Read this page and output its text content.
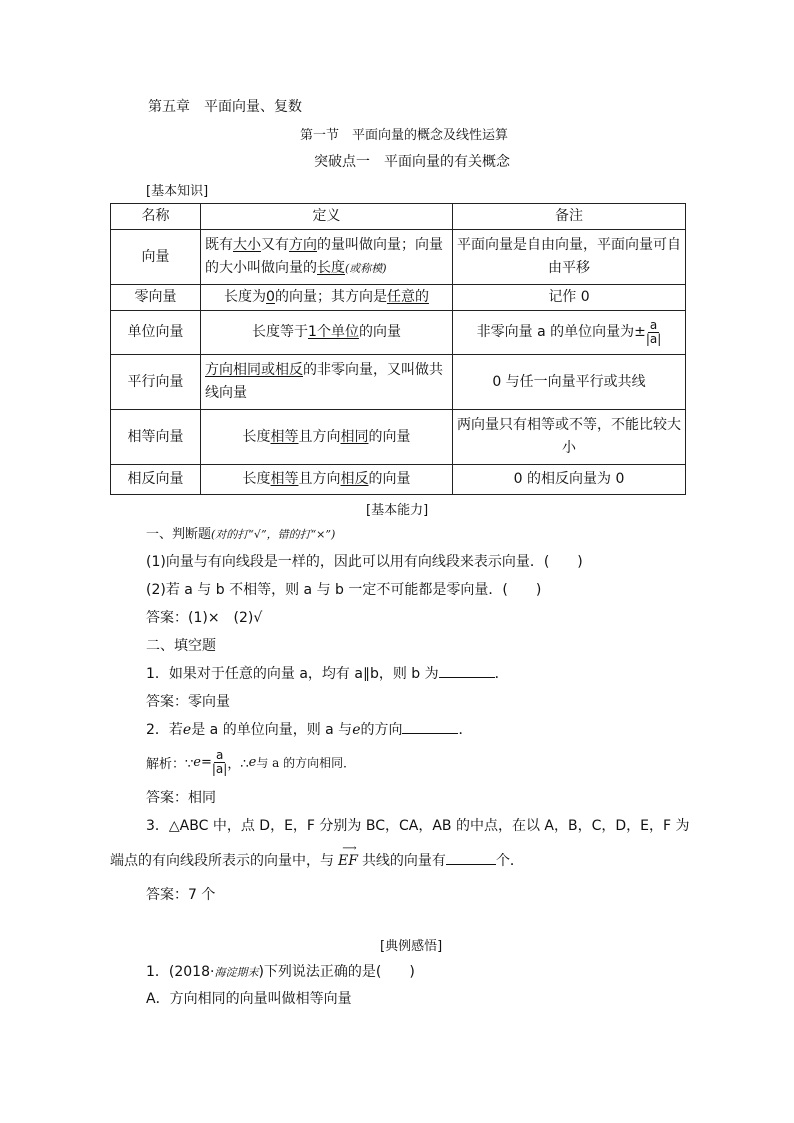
第五章　平面向量、复数
第一节　平面向量的概念及线性运算
突破点一　平面向量的有关概念
[基本知识]
名称	定义	备注
向量	既有大小又有方向的量叫做向量；向量的大小叫做向量的长度(或称模)	平面向量是自由向量，平面向量可自由平移
零向量	长度为0的向量；其方向是任意的	记作 0
单位向量	长度等于1个单位的向量	非零向量 a 的单位向量为± $\frac{a}{|a|}$

平行向量	方向相同或相反的非零向量，又叫做共线向量	0 与任一向量平行或共线
相等向量	长度相等且方向相同的向量	两向量只有相等或不等，不能比较大小
相反向量	长度相等且方向相反的向量	0 的相反向量为 0
[基本能力]
一、判断题(对的打“√”，错的打“×”)
(1)向量与有向线段是一样的，因此可以用有向线段来表示向量．(　　)
(2)若 a 与 b 不相等，则 a 与 b 一定不可能都是零向量．(　　)
答案：(1)×　(2)√
二、填空题
1．如果对于任意的向量 a，均有 a∥b，则 b 为	．
答案：零向量
2．若e是 a 的单位向量，则 a 与e的方向	．
解析：∵ $e = \frac{a}{|a|}$ ，∴ e 与 a 的方向相同．
答案：相同
3．△ABC 中，点 D，E，F 分别为 BC，CA，AB 的中点，在以 A，B，C，D，E，F 为
端点的有向线段所表示的向量中，与
⟶
EF 共线的向量有	个．
答案：7 个
[典例感悟]
1．(2018·海淀期末)下列说法正确的是(　　)
A．方向相同的向量叫做相等向量
